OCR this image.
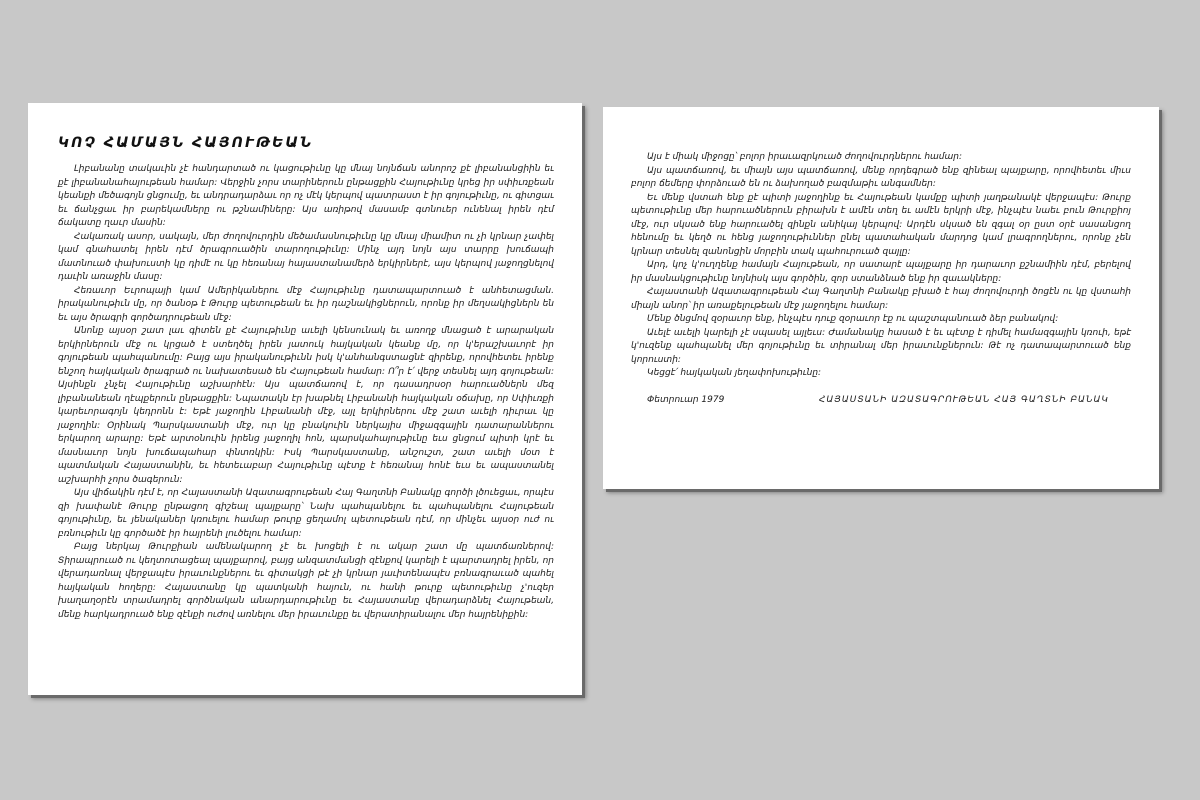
ԿՈՉ ՀԱՄԱՅՆ ՀԱՅՈՒԹԵԱՆ

Լիբանանը տակաւին չէ հանդարտած ու կացութիւնը կը մնայ նոյնճան անորոշ քէ լիբանանցիին եւ քէ լիբանանահայութեան համար: Վերջին չորս տարիներուն ընթացքին Հայութիւնը կրեց իր սփիւռքեան կեանքի մեծագոյն ցնցումը, եւ անդրադարձաւ որ ոչ մէկ կերպով պատրաստ է իր գոյութիւնը, ու գիտցաւ եւ ճանչցաւ իր բարեկամները ու թշնամիները: Այս առիթով մասամբ գտնուեր ունենալ իրեն դէմ ճակատը ղաւր մասին:

Հակառակ ասոր, սակայն, մեր ժողովուրդին մեծամասնութիւնը կը մնայ միամիտ ու չի կրնար չափել կամ գնահատել իրեն դէմ ծրագրուածին տարողութիւնը: Մինչ այդ նոյն այս տարրը խուճապի մատնուած փախուստի կը դիմէ ու կը հեռանայ հայաստանամերձ երկիրներէ, այս կերպով յաջողցնելով դաւին առաջին մասը:

Հեռաւոր Եւրոպայի կամ Ամերիկաներու մէջ Հայութիւնը դատապարտուած է անհետացման. իրականութիւն մը, որ ծանօթ է Թուրք պետութեան եւ իր դաշնակիցներուն, որոնք իր մեղսակիցներն են եւ այս ծրագրի գործադրութեան մէջ:

Անոնք այսօր շատ լաւ գիտեն քէ Հայութիւնը աւելի կենսունակ եւ առողջ մնացած է արարական երկիրներուն մէջ ու կրցած է ստեղծել իրեն յատուկ հայկական կեանք մը, որ կ'երաշխաւորէ իր գոյութեան պահպանումը: Բայց այս իրականութիւնն իսկ կ'անհանգստացնէ զիրենք, որովհետեւ իրենք ենշող հայկական ծրագրած ու նախատեսած են Հայութեան համար: Ո՞ր է՛ վերջ տեսնել այդ գոյութեան: Այսինքն չնչել Հայութիւնը աշխարհէն: Այս պատճառով է, որ դասադրսօր հարուածներն մեզ լիբանանեան ղէպքերուն ընթացքին: Նպատակն էր խաթնել Լիբանանի հայկական օճախը, որ Սփիւռքի կարեւորագոյն կեդրոնն է: Եթէ յաջողին Լիբանանի մէջ, այլ երկիրներու մէջ շատ աւելի դիւրաւ կը յաջողին: Օրինակ Պարսկաստանի մէջ, ուր կը բնակուին ներկայիս միջազգային դատարաններու երկարող արարը: Եթէ արտօնուին իրենց յաջողիլ հոն, պարսկահայութիւնը եւս ցնցում պիտի կրէ եւ մասնաւոր նոյն խուճապահար փնտռկին: Իսկ Պարսկաստանը, անշուշտ, շատ աւելի մօտ է պատմական Հայաստանին, եւ հետեւաբար Հայութիւնը պէտք է հեռանայ հոնէ եւս եւ ապաստանել աշխարհի չորս ծագերուն:

Այս վիճակին դէմ է, որ Հայաստանի Ազատագրութեան Հայ Գաղտնի Բանակը գործի լծուեցաւ, որպէս զի խափանէ Թուրք ընթացող գիշեալ պայքարը՝ Նախ պահպանելու եւ պահպանելու Հայութեան գոյութիւնը, եւ յենականեր կռուելու համար թուրք ցեղամոլ պետութեան դէմ, որ մինչեւ այսօր ուժ ու բռնութիւն կը գործածէ իր հայրենի լուծելու համար:

Բայց ներկայ Թուրքիան ամենակարող չէ եւ խոցելի է ու ակար շատ մը պատճառներով: Տիրապրուած ու կեղտոտացեալ պայքարով, բայց անզատմանցի զէնքով կարելի է պարտադրել իրեն, որ վերադառնալ վերջապէս իրաւունքներու եւ գիտակցի թէ չի կրնար յաւիտենապէս բռնագրաւած պահել հայկական հողերը: Հայաստանը կը պատկանի հայուն, ու հանի թուրք պետութիւնը չ'ուզեր խաղաղօրէն տրամադրել գործնական անարդարութիւնը եւ Հայաստանը վերադարձնել Հայութեան, մենք հարկադրուած ենք զէնքի ուժով առնելու մեր իրաւունքը եւ վերատիրանալու մեր հայրենիքին:

Այս է միակ միջոցը՝ բոլոր իրաւազրկուած ժողովուրդներու համար:

Այս պատճառով, եւ միայն այս պատճառով, մենք որդեգրած ենք զինեալ պայքարը, որովհետեւ միւս բոլոր ճեմերը փորձուած են ու ձախողած բազմաթիւ անգամներ:

Եւ մենք վստահ ենք քէ պիտի յաջողինք եւ Հայութեան կամքը պիտի յաղթանակէ վերջապէս: Թուրք պետութիւնը մեր հարուածներուն բիրախն է ամէն տեղ եւ ամէն երկրի մէջ, ինչպէս նաեւ բուն Թուրքիոյ մէջ, ուր սկսած ենք հարուածել զինքն անիկայ կերպով: Արդէն սկսած են զգալ օր ըստ օրէ սասանցող հենումը եւ կեղծ ու հենց յաջողութիւններ ընել պատահական մարդոց կամ լրագրողներու, որոնք չեն կրնար տեսնել զանոնցին մորբին տակ պահուրուած զայլը:

Արդ, կոչ կ'ուղղենք համայն Հայութեան, որ սատարէ պայքարը իր դարաւոր քշնամիին դէմ, բերելով իր մասնակցութիւնը նոյնիսկ այս գործին, զոր ստանձնած ենք իր զաւակները:

Հայաստանի Ազատագրութեան Հայ Գաղտնի Բանակը բխած է հայ ժողովուրդի ծոցէն ու կը վստահի միայն անոր՝ իր առաքելութեան մէջ յաջողելու համար:

Մենք ծնցմով զօրաւոր ենք, ինչպէս դուք զօրաւոր էք ու պաշտպանուած ձեր բանակով:

Աւելէ աւելի կարելի չէ սպասել այլեւս: Ժամանակը հասած է եւ պէտք է դիմել համազգային կռուի, եթէ կ'ուզենք պահպանել մեր գոյութիւնը եւ տիրանալ մեր իրաւունքներուն: Թէ ոչ դատապարտուած ենք կորուստի:

Կեցցէ՛ հայկական յեղափոխութիւնը:

Փետրուար 1979	ՀԱՅԱՍՏԱՆԻ ԱԶԱՏԱԳՐՈՒԹԵԱՆ ՀԱՅ ԳԱՂՏՆԻ ԲԱՆԱԿ
